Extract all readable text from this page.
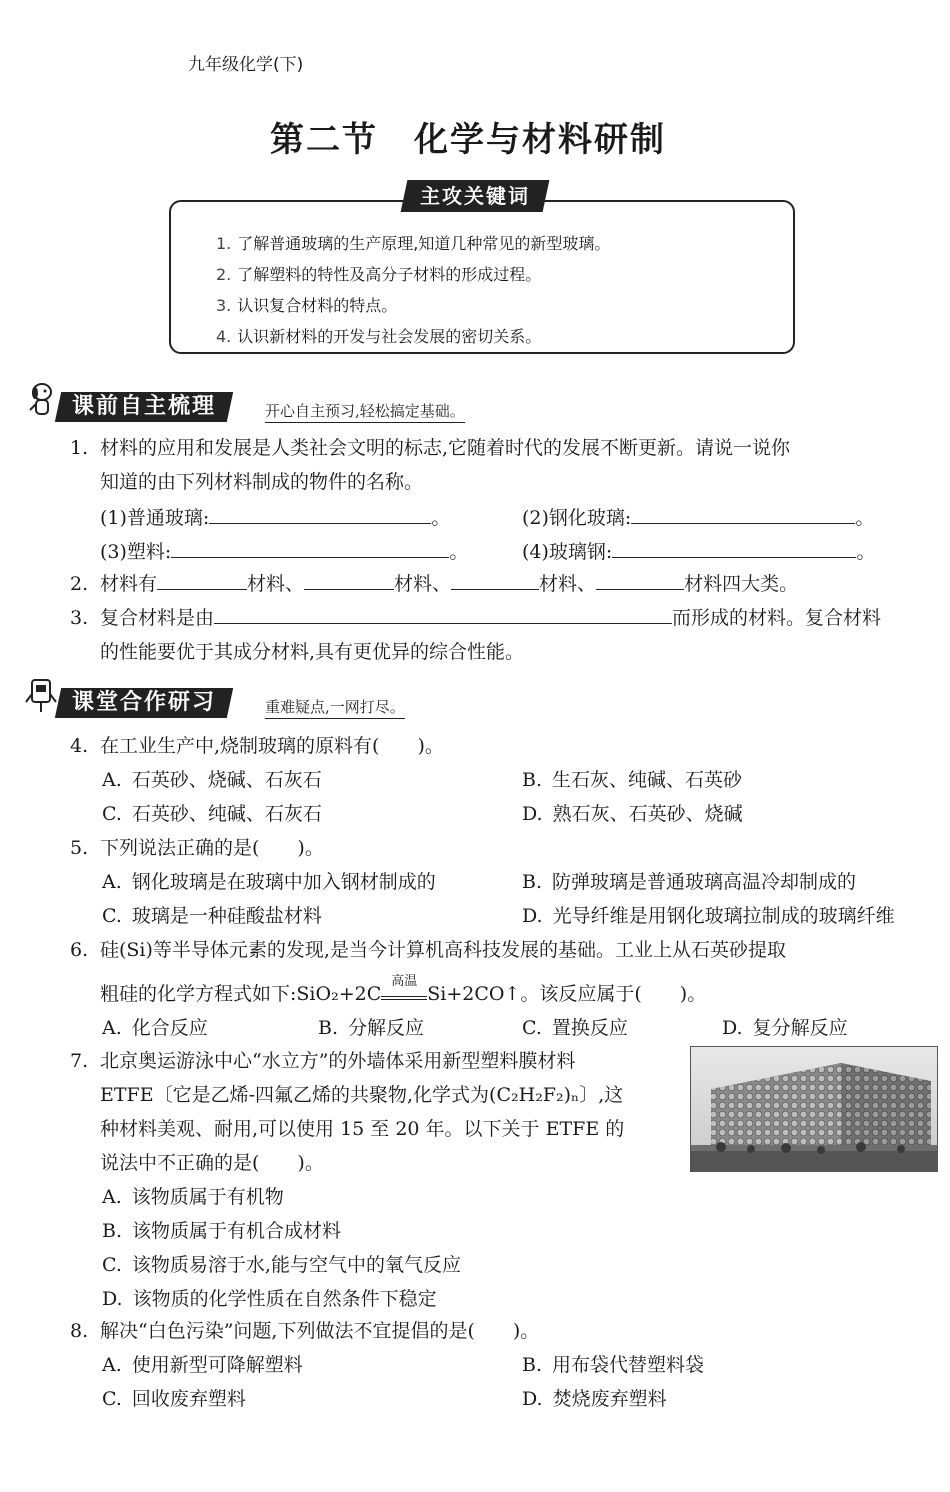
九年级化学(下)
第二节 化学与材料研制
主攻关键词
1. 了解普通玻璃的生产原理,知道几种常见的新型玻璃。
2. 了解塑料的特性及高分子材料的形成过程。
3. 认识复合材料的特点。
4. 认识新材料的开发与社会发展的密切关系。
课前自主梳理	开心自主预习,轻松搞定基础。
1. 材料的应用和发展是人类社会文明的标志,它随着时代的发展不断更新。请说一说你
知道的由下列材料制成的物件的名称。
(1)普通玻璃:	。	(2)钢化玻璃:	。
(3)塑料:	。	(4)玻璃钢:	。
2. 材料有	材料、	材料、	材料、	材料四大类。
3. 复合材料是由	而形成的材料。复合材料
的性能要优于其成分材料,具有更优异的综合性能。
课堂合作研习	重难疑点,一网打尽。
4. 在工业生产中,烧制玻璃的原料有(　　)。
A. 石英砂、烧碱、石灰石	B. 生石灰、纯碱、石英砂
C. 石英砂、纯碱、石灰石	D. 熟石灰、石英砂、烧碱
5. 下列说法正确的是(　　)。
A. 钢化玻璃是在玻璃中加入钢材制成的	B. 防弹玻璃是普通玻璃高温冷却制成的
C. 玻璃是一种硅酸盐材料	D. 光导纤维是用钢化玻璃拉制成的玻璃纤维
6. 硅(Si)等半导体元素的发现,是当今计算机高科技发展的基础。工业上从石英砂提取
粗硅的化学方程式如下:SiO₂+2C
高温
Si+2CO↑。该反应属于(　　)。
A. 化合反应	B. 分解反应	C. 置换反应	D. 复分解反应
7. 北京奥运游泳中心“水立方”的外墙体采用新型塑料膜材料
ETFE〔它是乙烯-四氟乙烯的共聚物,化学式为(C₂H₂F₂)ₙ〕,这
种材料美观、耐用,可以使用 15 至 20 年。以下关于 ETFE 的
说法中不正确的是(　　)。
A. 该物质属于有机物
B. 该物质属于有机合成材料
C. 该物质易溶于水,能与空气中的氧气反应
D. 该物质的化学性质在自然条件下稳定
8. 解决“白色污染”问题,下列做法不宜提倡的是(　　)。
A. 使用新型可降解塑料	B. 用布袋代替塑料袋
C. 回收废弃塑料	D. 焚烧废弃塑料
